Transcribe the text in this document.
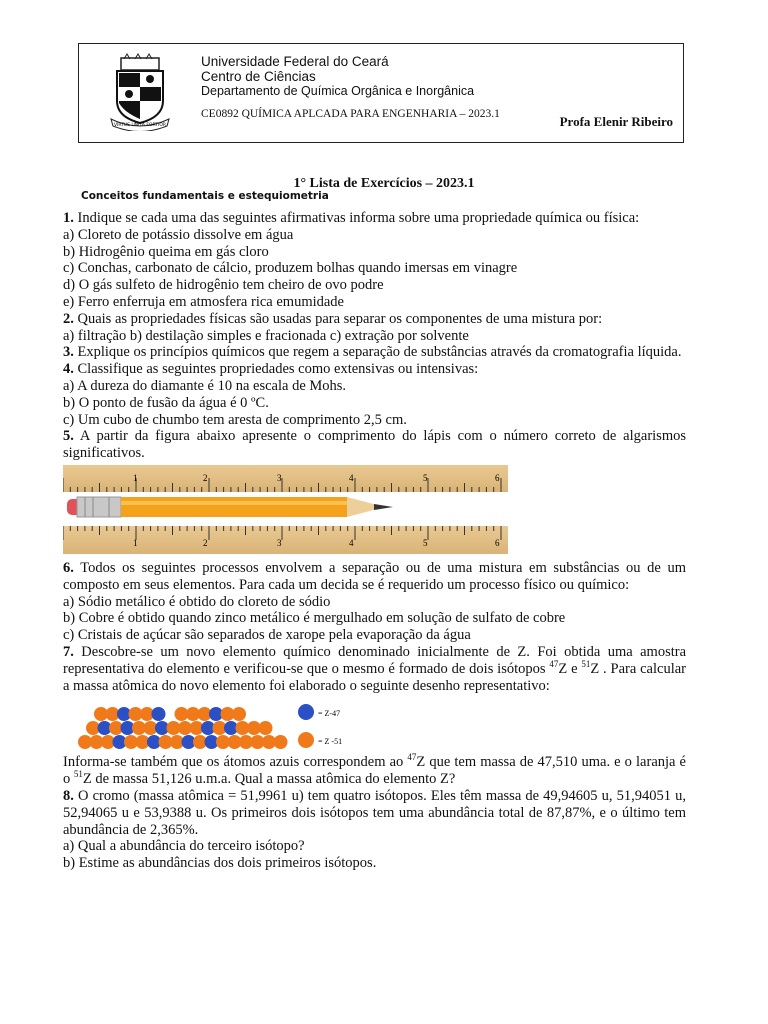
VIRTUS UNITA FORTIOR
Universidade Federal do Ceará
Centro de Ciências
Departamento de Química Orgânica e Inorgânica
CE0892 QUÍMICA APLCADA PARA ENGENHARIA – 2023.1	Profa Elenir Ribeiro
1° Lista de Exercícios – 2023.1
Conceitos fundamentais e estequiometria

1. Indique se cada uma das seguintes afirmativas informa sobre uma propriedade química ou física:

a) Cloreto de potássio dissolve em água

b) Hidrogênio queima em gás cloro

c) Conchas, carbonato de cálcio, produzem bolhas quando imersas em vinagre

d) O gás sulfeto de hidrogênio tem cheiro de ovo podre

e) Ferro enferruja em atmosfera rica emumidade

2. Quais as propriedades físicas são usadas para separar os componentes de uma mistura por:

a) filtração b) destilação simples e fracionada c) extração por solvente

3. Explique os princípios químicos que regem a separação de substâncias através da cromatografia líquida.

4. Classifique as seguintes propriedades como extensivas ou intensivas:

a) A dureza do diamante é 10 na escala de Mohs.

b) O ponto de fusão da água é 0 ºC.

c) Um cubo de chumbo tem aresta de comprimento 2,5 cm.

5. A partir da figura abaixo apresente o comprimento do lápis com o número correto de algarismos significativos.

1	2	3	4	5	6
1	2	3	4	5	6

6. Todos os seguintes processos envolvem a separação ou de uma mistura em substâncias ou de um composto em seus elementos. Para cada um decida se é requerido um processo físico ou químico:

a) Sódio metálico é obtido do cloreto de sódio

b) Cobre é obtido quando zinco metálico é mergulhado em solução de sulfato de cobre

c) Cristais de açúcar são separados de xarope pela evaporação da água

7. Descobre-se um novo elemento químico denominado inicialmente de Z. Foi obtida uma amostra representativa do elemento e verificou-se que o mesmo é formado de dois isótopos $^{47}$Z e $^{51}$Z . Para calcular a massa atômica do novo elemento foi elaborado o seguinte desenho representativo:

= Z-47
= Z -51

Informa-se também que os átomos azuis correspondem ao $^{47}$Z que tem massa de 47,510 uma. e o laranja é o $^{51}$Z de massa 51,126 u.m.a. Qual a massa atômica do elemento Z?

8. O cromo (massa atômica = 51,9961 u) tem quatro isótopos. Eles têm massa de 49,94605 u, 51,94051 u, 52,94065 u e 53,9388 u. Os primeiros dois isótopos tem uma abundância total de 87,87%, e o último tem abundância de 2,365%.

a) Qual a abundância do terceiro isótopo?

b) Estime as abundâncias dos dois primeiros isótopos.
